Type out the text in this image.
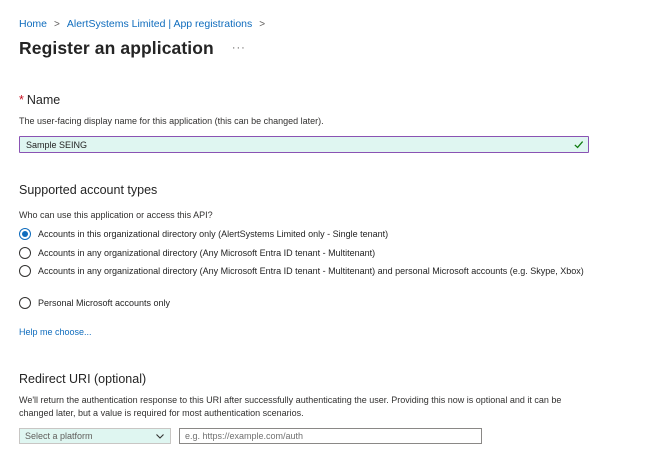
Home > AlertSystems Limited | App registrations >
Register an application ···
* Name
The user-facing display name for this application (this can be changed later).
Sample SEING
Supported account types
Who can use this application or access this API?
Accounts in this organizational directory only (AlertSystems Limited only - Single tenant)
Accounts in any organizational directory (Any Microsoft Entra ID tenant - Multitenant)
Accounts in any organizational directory (Any Microsoft Entra ID tenant - Multitenant) and personal Microsoft accounts (e.g. Skype, Xbox)
Personal Microsoft accounts only
Help me choose...
Redirect URI (optional)
We'll return the authentication response to this URI after successfully authenticating the user. Providing this now is optional and it can be changed later, but a value is required for most authentication scenarios.
Select a platform
e.g. https://example.com/auth
